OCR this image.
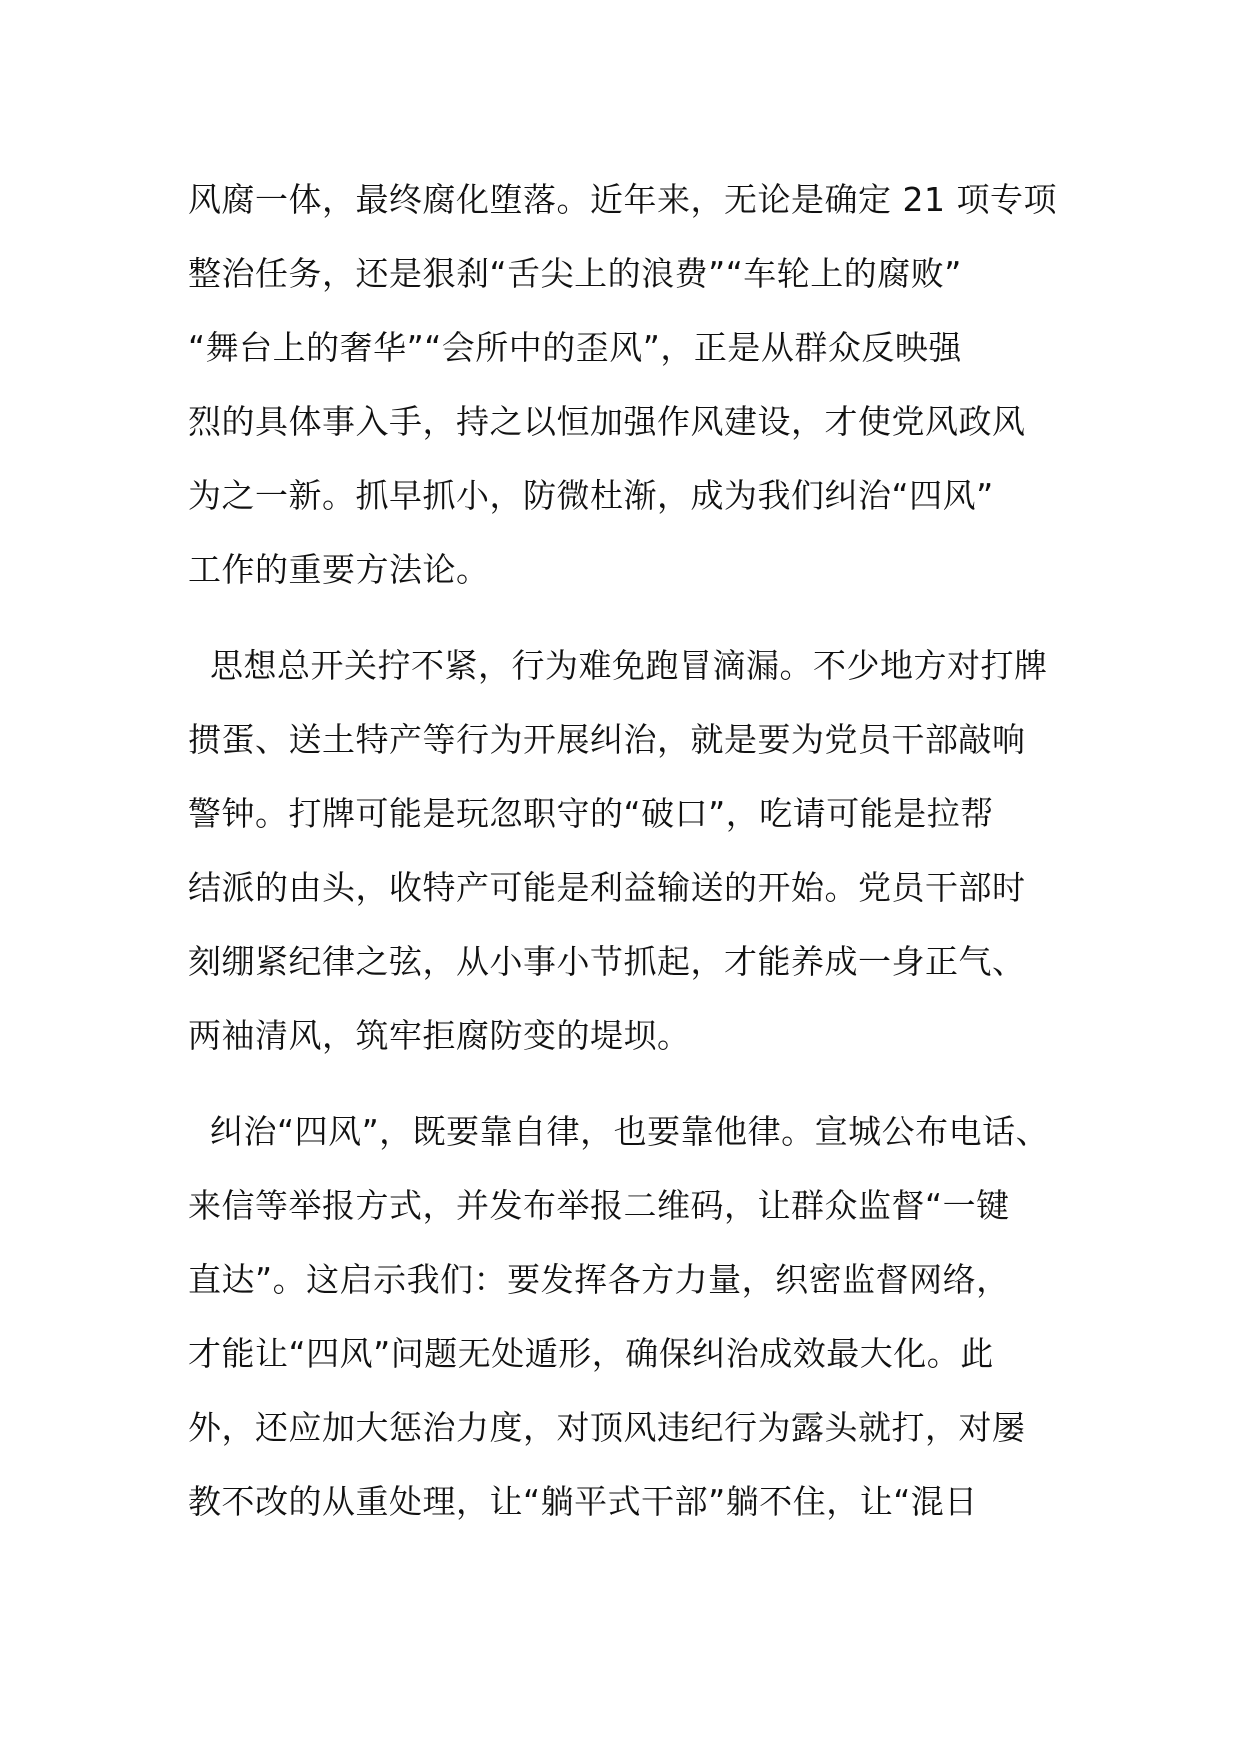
风腐一体，最终腐化堕落。近年来，无论是确定 21 项专项
整治任务，还是狠刹“舌尖上的浪费”“车轮上的腐败”
“舞台上的奢华”“会所中的歪风”，正是从群众反映强
烈的具体事入手，持之以恒加强作风建设，才使党风政风
为之一新。抓早抓小，防微杜渐，成为我们纠治“四风”
工作的重要方法论。
思想总开关拧不紧，行为难免跑冒滴漏。不少地方对打牌
掼蛋、送土特产等行为开展纠治，就是要为党员干部敲响
警钟。打牌可能是玩忽职守的“破口”，吃请可能是拉帮
结派的由头，收特产可能是利益输送的开始。党员干部时
刻绷紧纪律之弦，从小事小节抓起，才能养成一身正气、
两袖清风，筑牢拒腐防变的堤坝。
纠治“四风”，既要靠自律，也要靠他律。宣城公布电话、
来信等举报方式，并发布举报二维码，让群众监督“一键
直达”。这启示我们：要发挥各方力量，织密监督网络，
才能让“四风”问题无处遁形，确保纠治成效最大化。此
外，还应加大惩治力度，对顶风违纪行为露头就打，对屡
教不改的从重处理，让“躺平式干部”躺不住，让“混日
